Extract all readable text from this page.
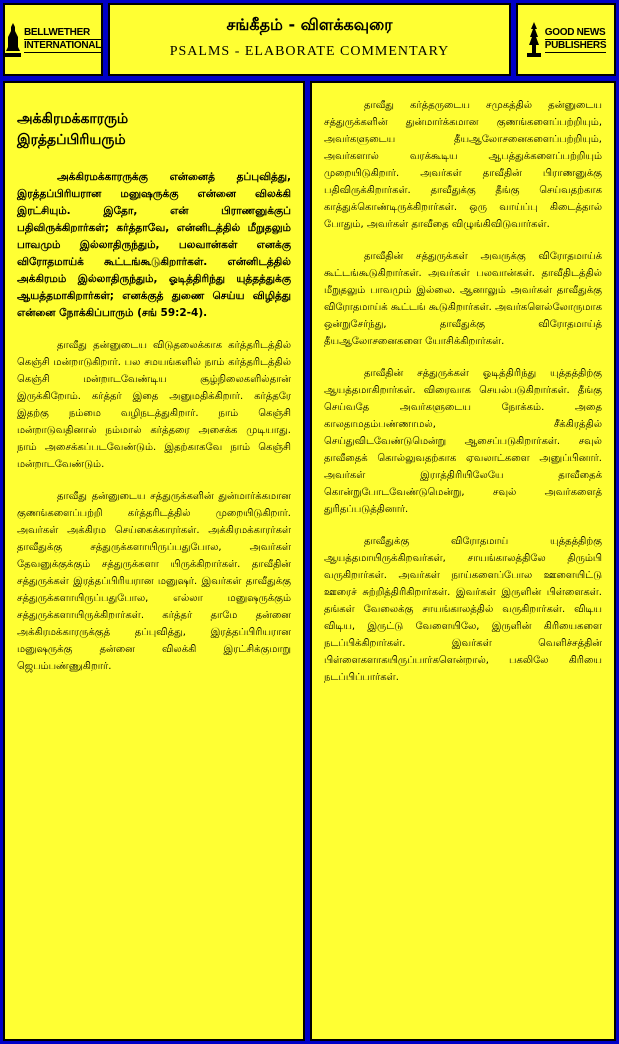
BELLWETHER
INTERNATIONAL
சங்கீதம் - விளக்கவுரை
PSALMS - ELABORATE COMMENTARY
GOOD NEWS
PUBLISHERS
அக்கிரமக்காரரும்
இரத்தப்பிரியரும்

அக்கிரமக்காரருக்கு என்னைத் தப்புவித்து, இரத்தப்பிரியரான மனுஷருக்கு என்னை விலக்கி இரட்சியும். இதோ, என் பிராணனுக்குப் பதிவிருக்கிறார்கள்; கர்த்தாவே, என்னிடத்தில் மீறுதலும் பாவமும் இல்லாதிருந்தும், பலவான்கள் எனக்கு விரோதமாய்க் கூட்டங்கூடுகிறார்கள். என்னிடத்தில் அக்கிரமம் இல்லாதிருந்தும், ஓடித்திரிந்து யுத்தத்துக்கு ஆயத்தமாகிறார்கள்; எனக்குத் துணை செய்ய விழித்து என்னை நோக்கிப்பாரும் (சங் 59:2-4).

தாவீது தன்னுடைய விடுதலைக்காக கர்த்தரிடத்தில் கெஞ்சி மன்றாடுகிறார். பல சமயங்களில் நாம் கர்த்தரிடத்தில் கெஞ்சி மன்றாடவேண்டிய சூழ்நிலைகளில்தான் இருக்கிறோம். கர்த்தர் இதை அனுமதிக்கிறார். கர்த்தரே இதற்கு நம்மை வழிநடத்துகிறார். நாம் கெஞ்சி மன்றாடுவதினால் நம்மால் கர்த்தரை அசைக்க முடியாது. நாம் அசைக்கப்படவேண்டும். இதற்காகவே நாம் கெஞ்சி மன்றாடவேண்டும்.

தாவீது தன்னுடைய சத்துருக்களின் துன்மார்க்கமான குணங்களைப்பற்றி கர்த்தரிடத்தில் முறையிடுகிறார். அவர்கள் அக்கிரம செய்கைக்காரர்கள். அக்கிரமக்காரர்கள் தாவீதுக்கு சத்துருக்களாயிருப்பதுபோல, அவர்கள் தேவனுக்குக்கும் சத்துருக்களா யிருக்கிறார்கள். தாவீதின் சத்துருக்கள் இரத்தப்பிரியரான மனுஷர். இவர்கள் தாவீதுக்கு சத்துருக்களாயிருப்பதுபோல, எல்லா மனுஷருக்கும் சத்துருக்களாயிருக்கிறார்கள். கர்த்தர் தாமே தன்னை அக்கிரமக்காரருக்குத் தப்புவித்து, இரத்தப்பிரியரான மனுஷருக்கு தன்னை விலக்கி இரட்சிக்குமாறு ஜெபம்பண்ணுகிறார்.

தாவீது கர்த்தருடைய சமுகத்தில் தன்னுடைய சத்துருக்களின் துன்மார்க்கமான குணங்களைப்பற்றியும், அவர்களுடைய தீயஆலோசனைகளைப்பற்றியும், அவர்களால் வரக்கூடிய ஆபத்துக்களைப்பற்றியும் முறையிடுகிறார். அவர்கள் தாவீதின் பிராணனுக்கு பதிவிருக்கிறார்கள். தாவீதுக்கு தீங்கு செய்வதற்காக காத்துக்கொண்டிருக்கிறார்கள். ஒரு வாய்ப்பு கிடைத்தால் போதும், அவர்கள் தாவீதை விழுங்கிவிடுவார்கள்.

தாவீதின் சத்துருக்கள் அவருக்கு விரோதமாய்க் கூட்டங்கூடுகிறார்கள். அவர்கள் பலவான்கள். தாவீதிடத்தில் மீறுதலும் பாவமும் இல்லை. ஆனாலும் அவர்கள் தாவீதுக்கு விரோதமாய்க் கூட்டங் கூடுகிறார்கள். அவர்களெல்லோருமாக ஒன்றுசேர்ந்து, தாவீதுக்கு விரோதமாய்த் தீயஆலோசனைகளை யோசிக்கிறார்கள்.

தாவீதின் சத்துருக்கள் ஓடித்திரிந்து யுத்தத்திற்கு ஆயத்தமாகிறார்கள். விரைவாக செயல்படுகிறார்கள். தீங்கு செய்வதே அவர்களுடைய நோக்கம். அதை காலதாமதம்பண்ணாமல், சீக்கிரத்தில் செய்துவிடவேண்டுமென்று ஆசைப்படுகிறார்கள். சவுல் தாவீதைக் கொல்லுவதற்காக ஏவலாட்களை அனுப்பினார். அவர்கள் இராத்திரியிலேயே தாவீதைக் கொன்றுபோடவேண்டுமென்று, சவுல் அவர்களைத் துரிதப்படுத்தினார்.

தாவீதுக்கு விரோதமாய் யுத்தத்திற்கு ஆயத்தமாயிருக்கிறவர்கள், சாயங்காலத்திலே திரும்பி வருகிறார்கள். அவர்கள் நாய்களைப்போல ஊளையிட்டு ஊரைச் சுற்றித்திரிகிறார்கள். இவர்கள் இருளின் பிள்ளைகள். தங்கள் வேலைக்கு சாயங்காலத்தில் வருகிறார்கள். விடிய விடிய, இருட்டு வேளையிலே, இருளின் கிரியைகளை நடப்பிக்கிறார்கள். இவர்கள் வெளிச்சத்தின் பிள்ளைகளாகயிருப்பார்களென்றால், பகலிலே கிரியை நடப்பிப்பார்கள்.
